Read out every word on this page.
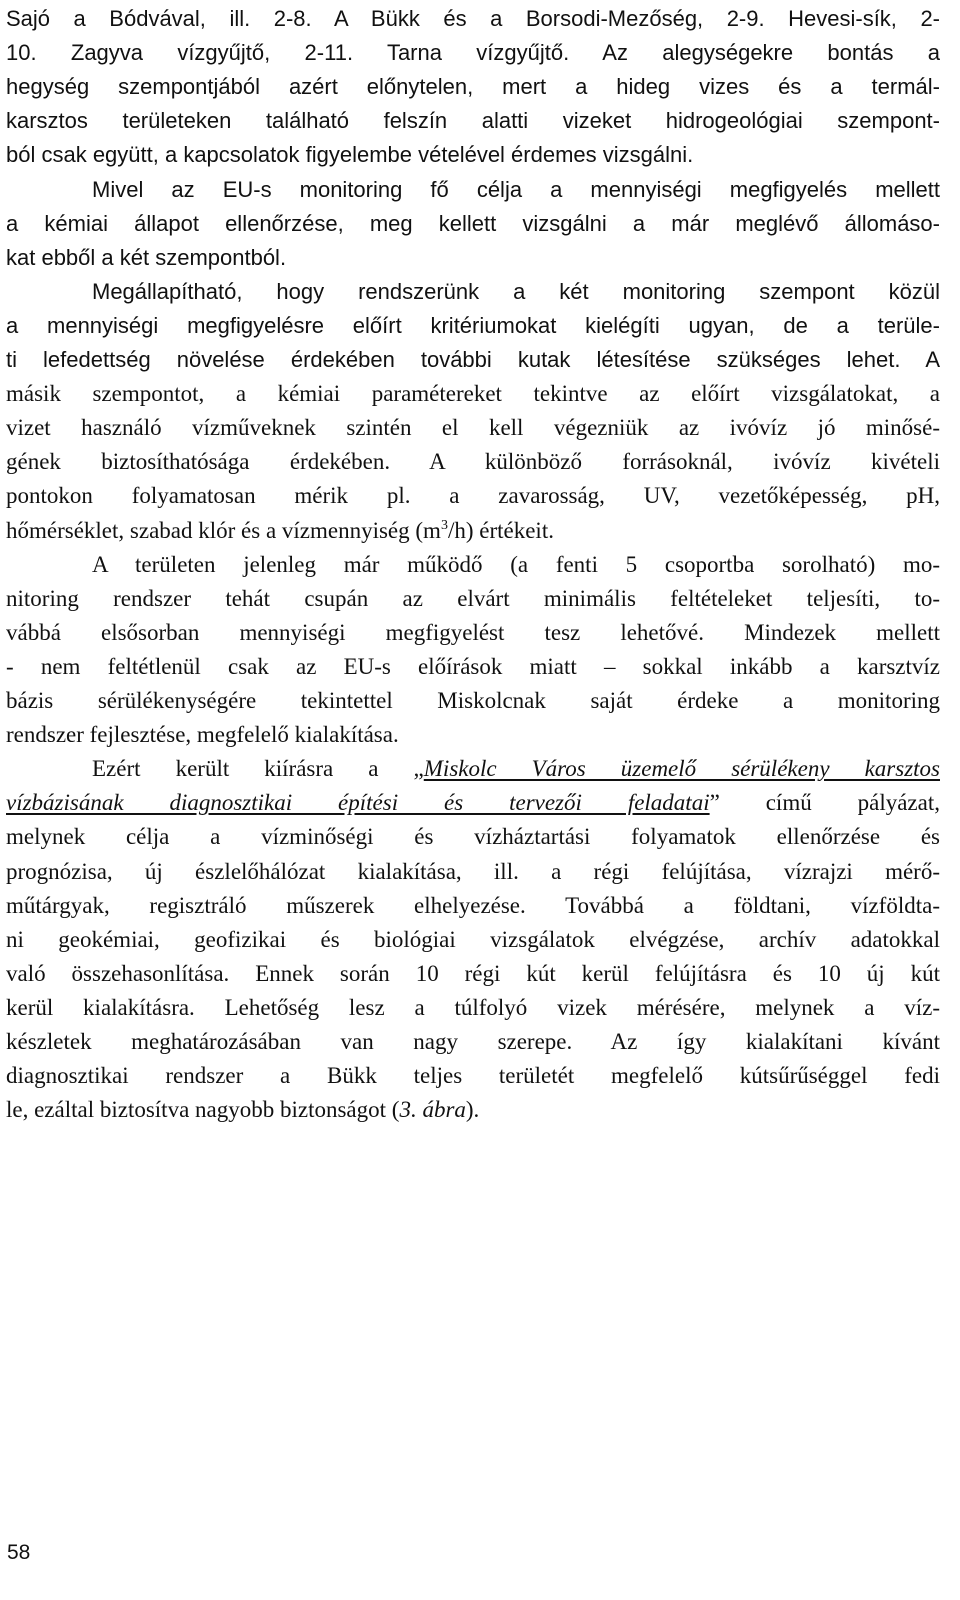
Sajó a Bódvával, ill. 2-8. A Bükk és a Borsodi-Mezőség, 2-9. Hevesi-sík, 2-
10. Zagyva vízgyűjtő, 2-11. Tarna vízgyűjtő. Az alegységekre bontás a
hegység szempontjából azért előnytelen, mert a hideg vizes és a termál-
karsztos területeken található felszín alatti vizeket hidrogeológiai szempont-
ból csak együtt, a kapcsolatok figyelembe vételével érdemes vizsgálni.
Mivel az EU-s monitoring fő célja a mennyiségi megfigyelés mellett
a kémiai állapot ellenőrzése, meg kellett vizsgálni a már meglévő állomáso-
kat ebből a két szempontból.
Megállapítható, hogy rendszerünk a két monitoring szempont közül
a mennyiségi megfigyelésre előírt kritériumokat kielégíti ugyan, de a terüle-
ti lefedettség növelése érdekében további kutak létesítése szükséges lehet. A
másik szempontot, a kémiai paramétereket tekintve az előírt vizsgálatokat, a
vizet használó vízműveknek szintén el kell végezniük az ivóvíz jó minősé-
gének biztosíthatósága érdekében. A különböző forrásoknál, ivóvíz kivételi
pontokon folyamatosan mérik pl. a zavarosság, UV, vezetőképesség, pH,
hőmérséklet, szabad klór és a vízmennyiség $(m^3/h)$ értékeit.
A területen jelenleg már működő (a fenti 5 csoportba sorolható) mo-
nitoring rendszer tehát csupán az elvárt minimális feltételeket teljesíti, to-
vábbá elsősorban mennyiségi megfigyelést tesz lehetővé. Mindezek mellett
- nem feltétlenül csak az EU-s előírások miatt – sokkal inkább a karsztvíz
bázis sérülékenységére tekintettel Miskolcnak saját érdeke a monitoring
rendszer fejlesztése, megfelelő kialakítása.
Ezért került kiírásra a „Miskolc Város üzemelő sérülékeny karsztos
vízbázisának diagnosztikai építési és tervezői feladatai” című pályázat,
melynek célja a vízminőségi és vízháztartási folyamatok ellenőrzése és
prognózisa, új észlelőhálózat kialakítása, ill. a régi felújítása, vízrajzi mérő-
műtárgyak, regisztráló műszerek elhelyezése. Továbbá a földtani, vízföldta-
ni geokémiai, geofizikai és biológiai vizsgálatok elvégzése, archív adatokkal
való összehasonlítása. Ennek során 10 régi kút kerül felújításra és 10 új kút
kerül kialakításra. Lehetőség lesz a túlfolyó vizek mérésére, melynek a víz-
készletek meghatározásában van nagy szerepe. Az így kialakítani kívánt
diagnosztikai rendszer a Bükk teljes területét megfelelő kútsűrűséggel fedi
le, ezáltal biztosítva nagyobb biztonságot (3. ábra).
58
